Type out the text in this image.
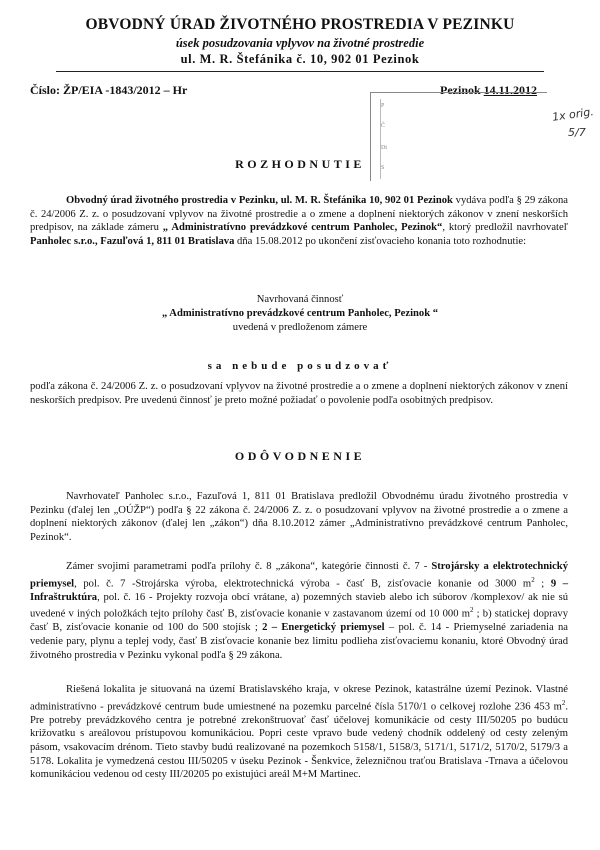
OBVODNÝ ÚRAD ŽIVOTNÉHO PROSTREDIA V PEZINKU
úsek posudzovania vplyvov na životné prostredie
ul. M. R. Štefánika č. 10, 902 01 Pezinok
Číslo: ŽP/EIA -1843/2012 – Hr	Pezinok 14.11.2012
P
Č
Dt
S
1x orig.
5/7
ROZHODNUTIE
Obvodný úrad životného prostredia v Pezinku, ul. M. R. Štefánika 10, 902 01 Pezinok vydáva podľa § 29 zákona č. 24/2006 Z. z. o posudzovaní vplyvov na životné prostredie a o zmene a doplnení niektorých zákonov v znení neskorších predpisov, na základe zámeru „ Administratívno prevádzkové centrum Panholec, Pezinok“, ktorý predložil navrhovateľ Panholec s.r.o., Fazuľová 1, 811 01 Bratislava dňa 15.08.2012 po ukončení zisťovacieho konania toto rozhodnutie:
Navrhovaná činnosť
„ Administratívno prevádzkové centrum Panholec, Pezinok “
uvedená v predloženom zámere
sa nebude posudzovať
podľa zákona č. 24/2006 Z. z. o posudzovaní vplyvov na životné prostredie a o zmene a doplnení niektorých zákonov v znení neskorších predpisov. Pre uvedenú činnosť je preto možné požiadať o povolenie podľa osobitných predpisov.
ODÔVODNENIE
Navrhovateľ Panholec s.r.o., Fazuľová 1, 811 01 Bratislava predložil Obvodnému úradu životného prostredia v Pezinku (ďalej len „OÚŽP“) podľa § 22 zákona č. 24/2006 Z. z. o posudzovaní vplyvov na životné prostredie a o zmene a doplnení niektorých zákonov (ďalej len „zákon“) dňa 8.10.2012 zámer „Administratívno prevádzkové centrum Panholec, Pezinok“.
Zámer svojimi parametrami podľa prílohy č. 8 „zákona“, kategórie činnosti č. 7 - Strojársky a elektrotechnický priemysel, pol. č. 7 -Strojárska výroba, elektrotechnická výroba - časť B, zisťovacie konanie od 3000 $m^2$ ; 9 – Infraštruktúra, pol. č. 16 - Projekty rozvoja obcí vrátane, a) pozemných stavieb alebo ich súborov /komplexov/ ak nie sú uvedené v iných položkách tejto prílohy časť B, zisťovacie konanie v zastavanom území od 10 000 $m^2$ ; b) statickej dopravy časť B, zisťovacie konanie od 100 do 500 stojísk ; 2 – Energetický priemysel – pol. č. 14 - Priemyselné zariadenia na vedenie pary, plynu a teplej vody, časť B zisťovacie konanie bez limitu podlieha zisťovaciemu konaniu, ktoré Obvodný úrad životného prostredia v Pezinku vykonal podľa § 29 zákona.
Riešená lokalita je situovaná na území Bratislavského kraja, v okrese Pezinok, katastrálne území Pezinok. Vlastné administratívno - prevádzkové centrum bude umiestnené na pozemku parcelné čísla 5170/1 o celkovej rozlohe 236 453 $m^2$. Pre potreby prevádzkového centra je potrebné zrekonštruovať časť účelovej komunikácie od cesty III/50205 po budúcu križovatku s areálovou prístupovou komunikáciou. Popri ceste vpravo bude vedený chodník oddelený od cesty zeleným pásom, vsakovacím drénom. Tieto stavby budú realizované na pozemkoch 5158/1, 5158/3, 5171/1, 5171/2, 5170/2, 5179/3 a 5178. Lokalita je vymedzená cestou III/50205 v úseku Pezinok - Šenkvice, železničnou traťou Bratislava -Trnava a účelovou komunikáciou vedenou od cesty III/20205 po existujúci areál M+M Martinec.
